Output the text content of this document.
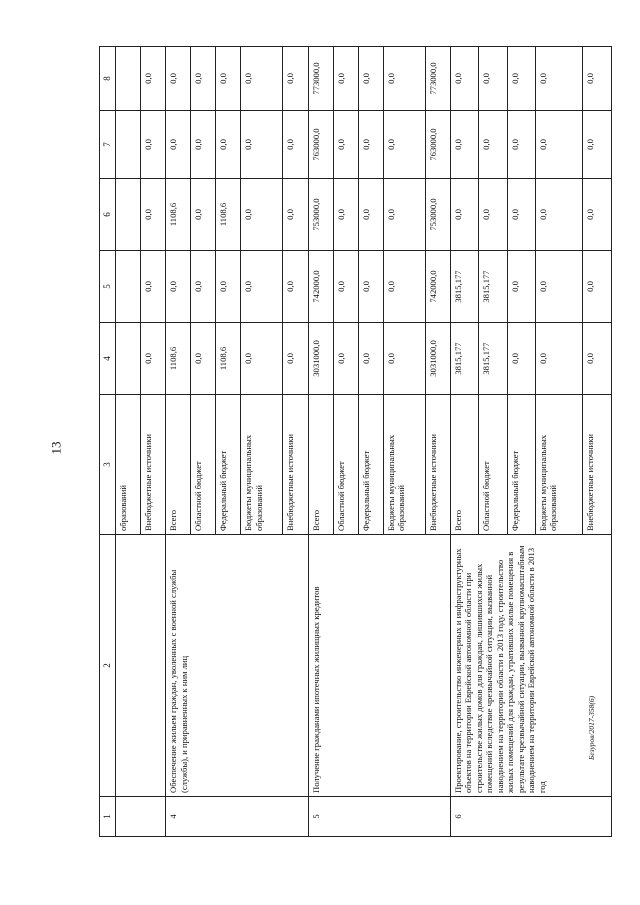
13
Безуров/2017-358(6)
1	2	3	4	5	6	7	8
		образований					
		Внебюджетные источники	0,0	0,0	0,0	0,0	0,0
4	Обеспечение жильем граждан, уволенных с военной службы (службы), и приравненных к ним лиц	Всего	1108,6	0,0	1108,6	0,0	0,0
		Областной бюджет	0,0	0,0	0,0	0,0	0,0
		Федеральный бюджет	1108,6	0,0	1108,6	0,0	0,0
		Бюджеты муниципальных образований	0,0	0,0	0,0	0,0	0,0
		Внебюджетные источники	0,0	0,0	0,0	0,0	0,0
5	Получение гражданами ипотечных жилищных кредитов	Всего	3031000,0	742000,0	753000,0	763000,0	773000,0
		Областной бюджет	0,0	0,0	0,0	0,0	0,0
		Федеральный бюджет	0,0	0,0	0,0	0,0	0,0
		Бюджеты муниципальных образований	0,0	0,0	0,0	0,0	0,0
		Внебюджетные источники	3031000,0	742000,0	753000,0	763000,0	773000,0
6	Проектирование, строительство инженерных и инфраструктурных объектов на территории Еврейской автономной области при строительстве жилых домов для граждан, лишившихся жилых помещений вследствие чрезвычайной ситуации, вызванной наводнением на территории области в 2013 году, строительство жилых помещений для граждан, утративших жилые помещения в результате чрезвычайной ситуации, вызванной крупномасштабным наводнением на территории Еврейской автономной области в 2013 год	Всего	3815,177	3815,177	0,0	0,0	0,0
		Областной бюджет	3815,177	3815,177	0,0	0,0	0,0
		Федеральный бюджет	0,0	0,0	0,0	0,0	0,0
		Бюджеты муниципальных образований	0,0	0,0	0,0	0,0	0,0
		Внебюджетные источники	0,0	0,0	0,0	0,0	0,0
